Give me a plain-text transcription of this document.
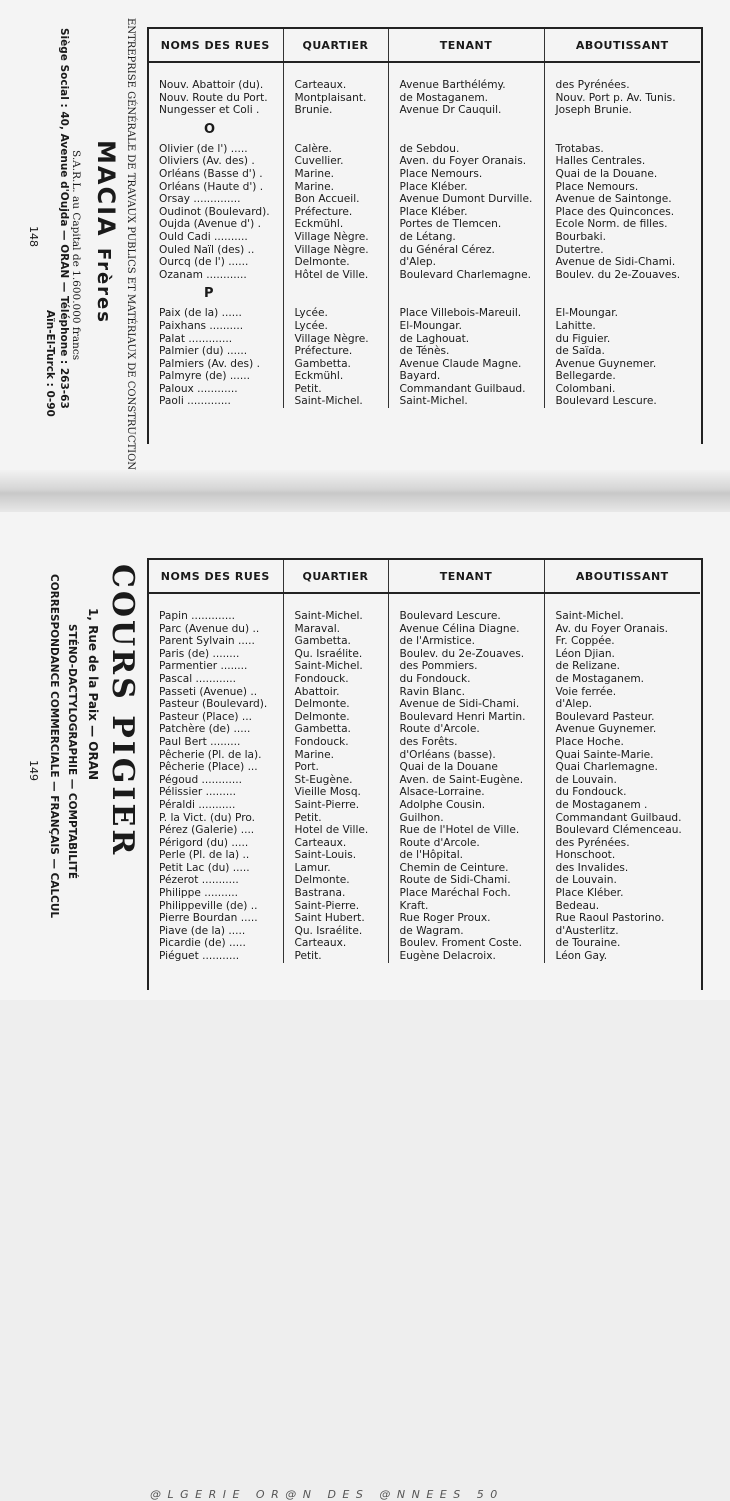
ENTREPRISE GÉNÉRALE DE TRAVAUX PUBLICS ET MATÉRIAUX DE CONSTRUCTION
MACIA Frères
S.A.R.L. au Capital de 1.600.000 francs
Siège Social : 40, Avenue d'Oujda — ORAN — Téléphone : 263-63
Aïn-El-Turck : 0-90
148
NOMS DES RUES	QUARTIER	TENANT	ABOUTISSANT

Nouv. Abattoir (du).	Carteaux.	Avenue Barthélémy.	des Pyrénées.
Nouv. Route du Port.	Montplaisant.	de Mostaganem.	Nouv. Port p. Av. Tunis.
Nungesser et Coli .	Brunie.	Avenue Dr Cauquil.	Joseph Brunie.
O			
Olivier (de l') .....	Calère.	de Sebdou.	Trotabas.
Oliviers (Av. des) .	Cuvellier.	Aven. du Foyer Oranais.	Halles Centrales.
Orléans (Basse d') .	Marine.	Place Nemours.	Quai de la Douane.
Orléans (Haute d') .	Marine.	Place Kléber.	Place Nemours.
Orsay ..............	Bon Accueil.	Avenue Dumont Durville.	Avenue de Saintonge.
Oudinot (Boulevard).	Préfecture.	Place Kléber.	Place des Quinconces.
Oujda (Avenue d') .	Eckmühl.	Portes de Tlemcen.	Ecole Norm. de filles.
Ould Cadi ..........	Village Nègre.	de Létang.	Bourbaki.
Ouled Naïl (des) ..	Village Nègre.	du Général Cérez.	Dutertre.
Ourcq (de l') ......	Delmonte.	d'Alep.	Avenue de Sidi-Chami.
Ozanam ............	Hôtel de Ville.	Boulevard Charlemagne.	Boulev. du 2e-Zouaves.
P			
Paix (de la) ......	Lycée.	Place Villebois-Mareuil.	El-Moungar.
Paixhans ..........	Lycée.	El-Moungar.	Lahitte.
Palat .............	Village Nègre.	de Laghouat.	du Figuier.
Palmier (du) ......	Préfecture.	de Ténès.	de Saïda.
Palmiers (Av. des) .	Gambetta.	Avenue Claude Magne.	Avenue Guynemer.
Palmyre (de) ......	Eckmühl.	Bayard.	Bellegarde.
Paloux ............	Petit.	Commandant Guilbaud.	Colombani.
Paoli .............	Saint-Michel.	Saint-Michel.	Boulevard Lescure.
COURS PIGIER
1, Rue de la Paix — ORAN
STÉNO-DACTYLOGRAPHIE — COMPTABILITÉ
CORRESPONDANCE COMMERCIALE — FRANÇAIS — CALCUL
149
NOMS DES RUES	QUARTIER	TENANT	ABOUTISSANT

Papin .............	Saint-Michel.	Boulevard Lescure.	Saint-Michel.
Parc (Avenue du) ..	Maraval.	Avenue Célina Diagne.	Av. du Foyer Oranais.
Parent Sylvain .....	Gambetta.	de l'Armistice.	Fr. Coppée.
Paris (de) ........	Qu. Israélite.	Boulev. du 2e-Zouaves.	Léon Djian.
Parmentier ........	Saint-Michel.	des Pommiers.	de Relizane.
Pascal ............	Fondouck.	du Fondouck.	de Mostaganem.
Passeti (Avenue) ..	Abattoir.	Ravin Blanc.	Voie ferrée.
Pasteur (Boulevard).	Delmonte.	Avenue de Sidi-Chami.	d'Alep.
Pasteur (Place) ...	Delmonte.	Boulevard Henri Martin.	Boulevard Pasteur.
Patchère (de) .....	Gambetta.	Route d'Arcole.	Avenue Guynemer.
Paul Bert .........	Fondouck.	des Forêts.	Place Hoche.
Pêcherie (Pl. de la).	Marine.	d'Orléans (basse).	Quai Sainte-Marie.
Pêcherie (Place) ...	Port.	Quai de la Douane	Quai Charlemagne.
Pégoud ............	St-Eugène.	Aven. de Saint-Eugène.	de Louvain.
Pélissier .........	Vieille Mosq.	Alsace-Lorraine.	du Fondouck.
Péraldi ...........	Saint-Pierre.	Adolphe Cousin.	de Mostaganem .
P. la Vict. (du) Pro.	Petit.	Guilhon.	Commandant Guilbaud.
Pérez (Galerie) ....	Hotel de Ville.	Rue de l'Hotel de Ville.	Boulevard Clémenceau.
Périgord (du) .....	Carteaux.	Route d'Arcole.	des Pyrénées.
Perle (Pl. de la) ..	Saint-Louis.	de l'Hôpital.	Honschoot.
Petit Lac (du) .....	Lamur.	Chemin de Ceinture.	des Invalides.
Pézerot ...........	Delmonte.	Route de Sidi-Chami.	de Louvain.
Philippe ..........	Bastrana.	Place Maréchal Foch.	Place Kléber.
Philippeville (de) ..	Saint-Pierre.	Kraft.	Bedeau.
Pierre Bourdan .....	Saint Hubert.	Rue Roger Proux.	Rue Raoul Pastorino.
Piave (de la) .....	Qu. Israélite.	de Wagram.	d'Austerlitz.
Picardie (de) .....	Carteaux.	Boulev. Froment Coste.	de Touraine.
Piéguet ...........	Petit.	Eugène Delacroix.	Léon Gay.
@LGERIE OR@N DES @NNEES 50
